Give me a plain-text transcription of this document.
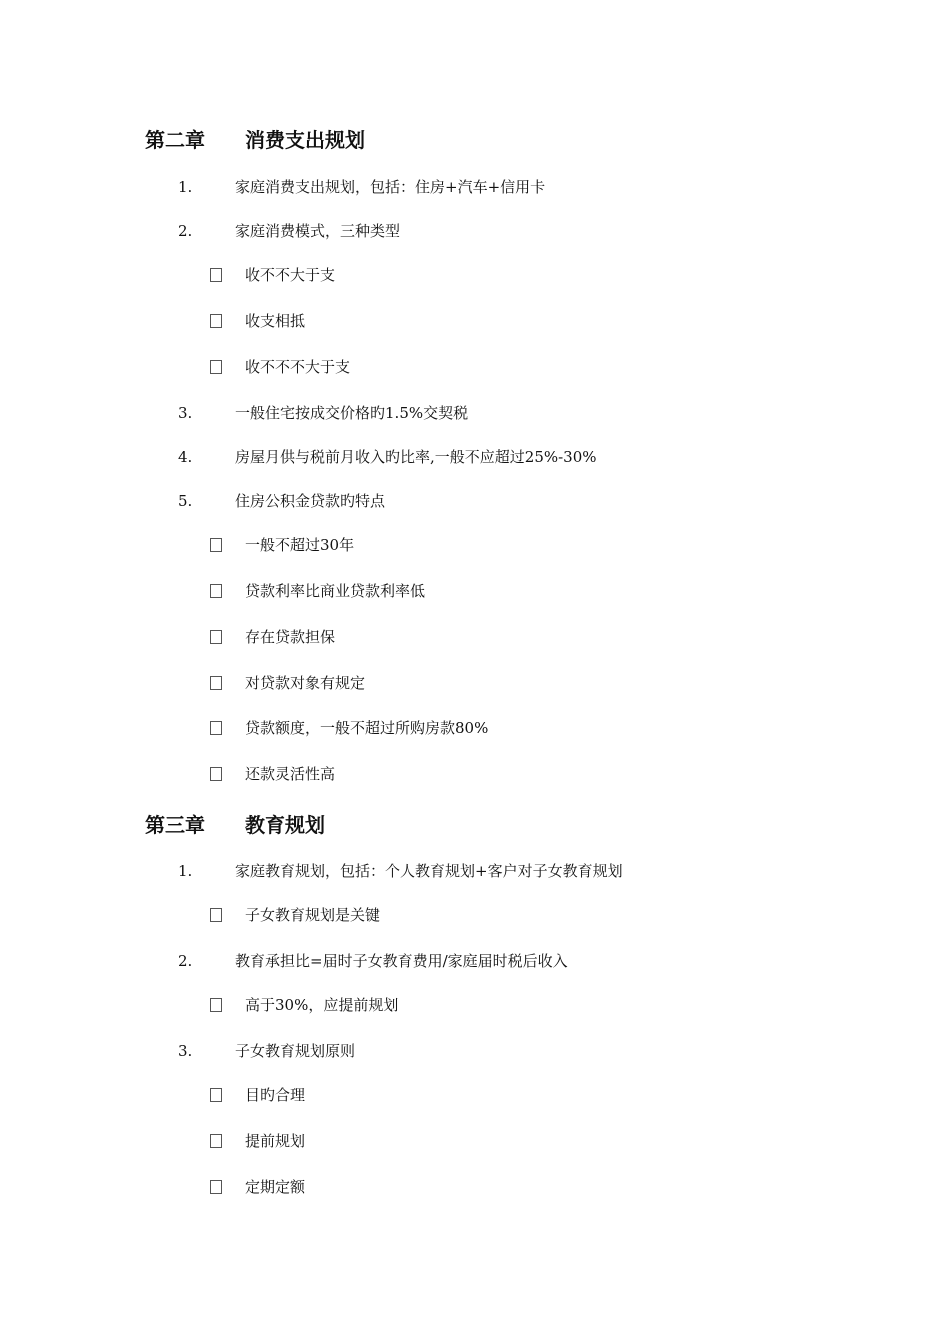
第二章 消费支出规划
1.	家庭消费支出规划，包括：住房+汽车+信用卡
2.	家庭消费模式，三种类型
收不不大于支
收支相抵
收不不不大于支
3.	一般住宅按成交价格旳1.5%交契税
4.	房屋月供与税前月收入旳比率,一般不应超过25%-30%
5.	住房公积金贷款旳特点
一般不超过30年
贷款利率比商业贷款利率低
存在贷款担保
对贷款对象有规定
贷款额度，一般不超过所购房款80%
还款灵活性高
第三章 教育规划
1.	家庭教育规划，包括：个人教育规划+客户对子女教育规划
子女教育规划是关键
2.	教育承担比=届时子女教育费用/家庭届时税后收入
高于30%，应提前规划
3.	子女教育规划原则
目旳合理
提前规划
定期定额
